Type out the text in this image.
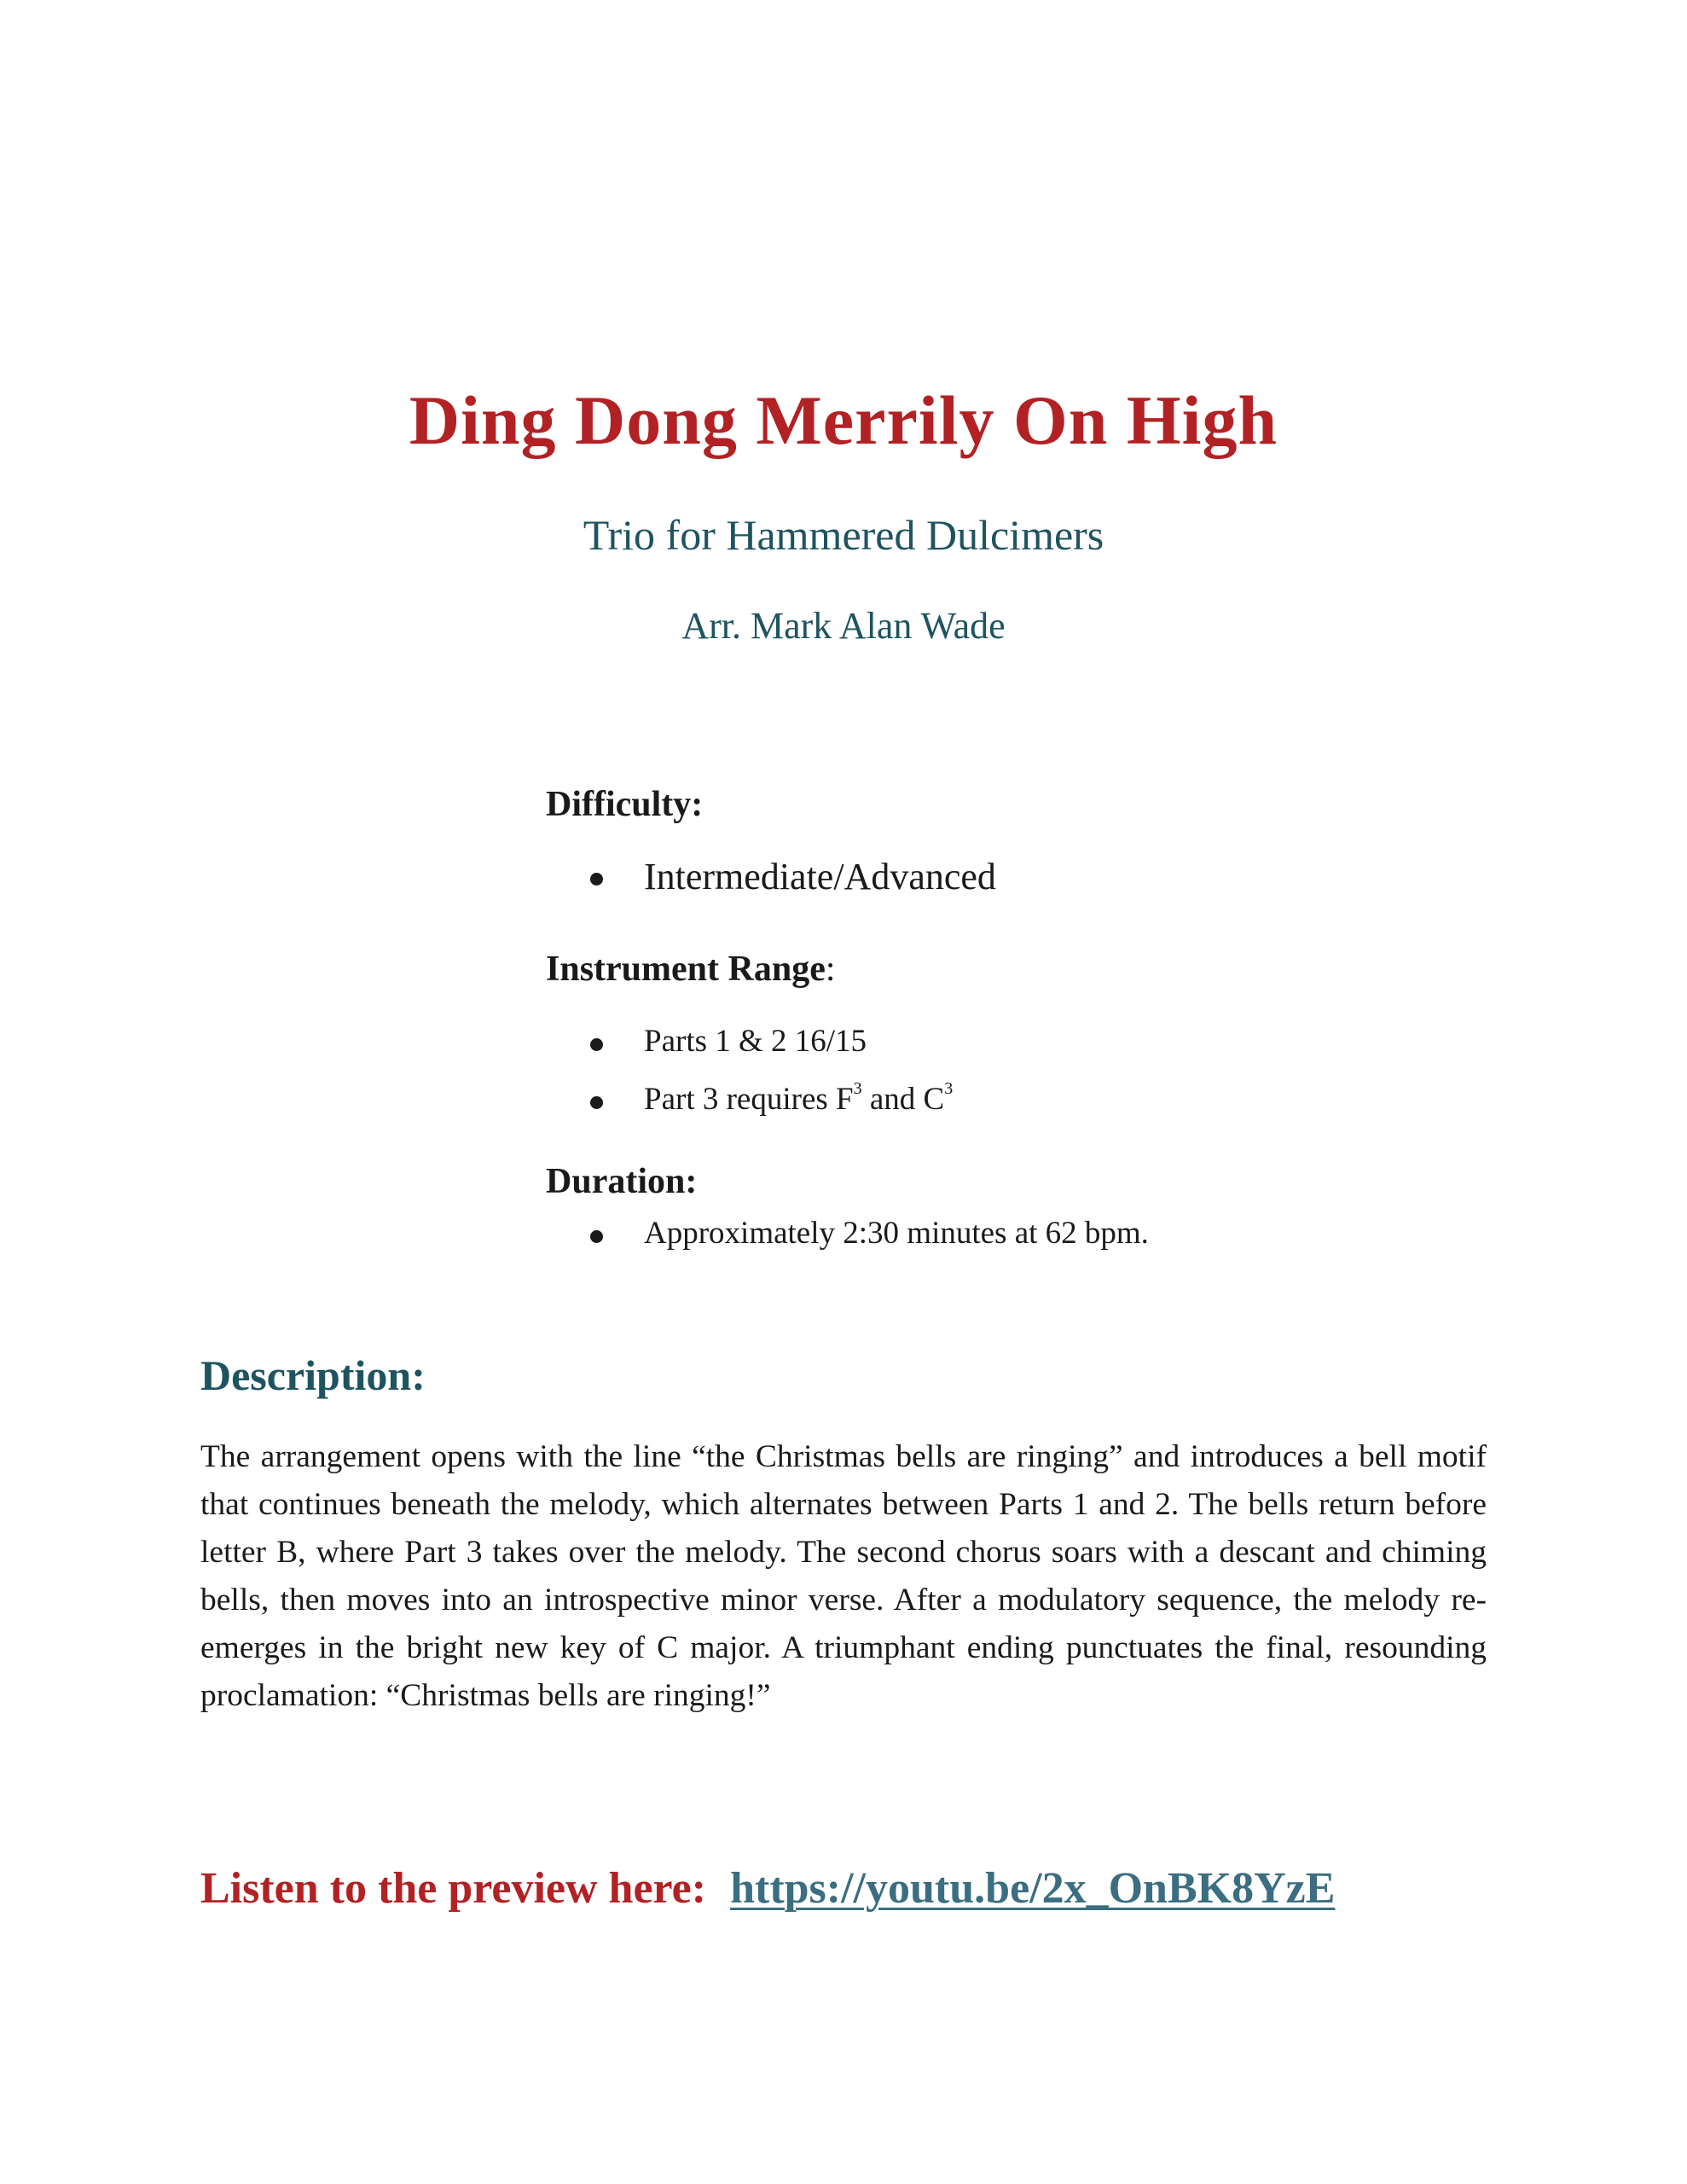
Ding Dong Merrily On High
Trio for Hammered Dulcimers
Arr. Mark Alan Wade
Difficulty:
Intermediate/Advanced
Instrument Range:
Parts 1 & 2 16/15
Part 3 requires $F^3$ and $C^3$
Duration:
Approximately 2:30 minutes at 62 bpm.
Description:
The arrangement opens with the line “the Christmas bells are ringing” and introduces a bell motif that continues beneath the melody, which alternates between Parts 1 and 2. The bells return before letter B, where Part 3 takes over the melody. The second chorus soars with a descant and chiming bells, then moves into an introspective minor verse. After a modulatory sequence, the melody re-emerges in the bright new key of C major. A triumphant ending punctuates the final, resounding proclamation: “Christmas bells are ringing!”
Listen to the preview here: https://youtu.be/2x_OnBK8YzE
